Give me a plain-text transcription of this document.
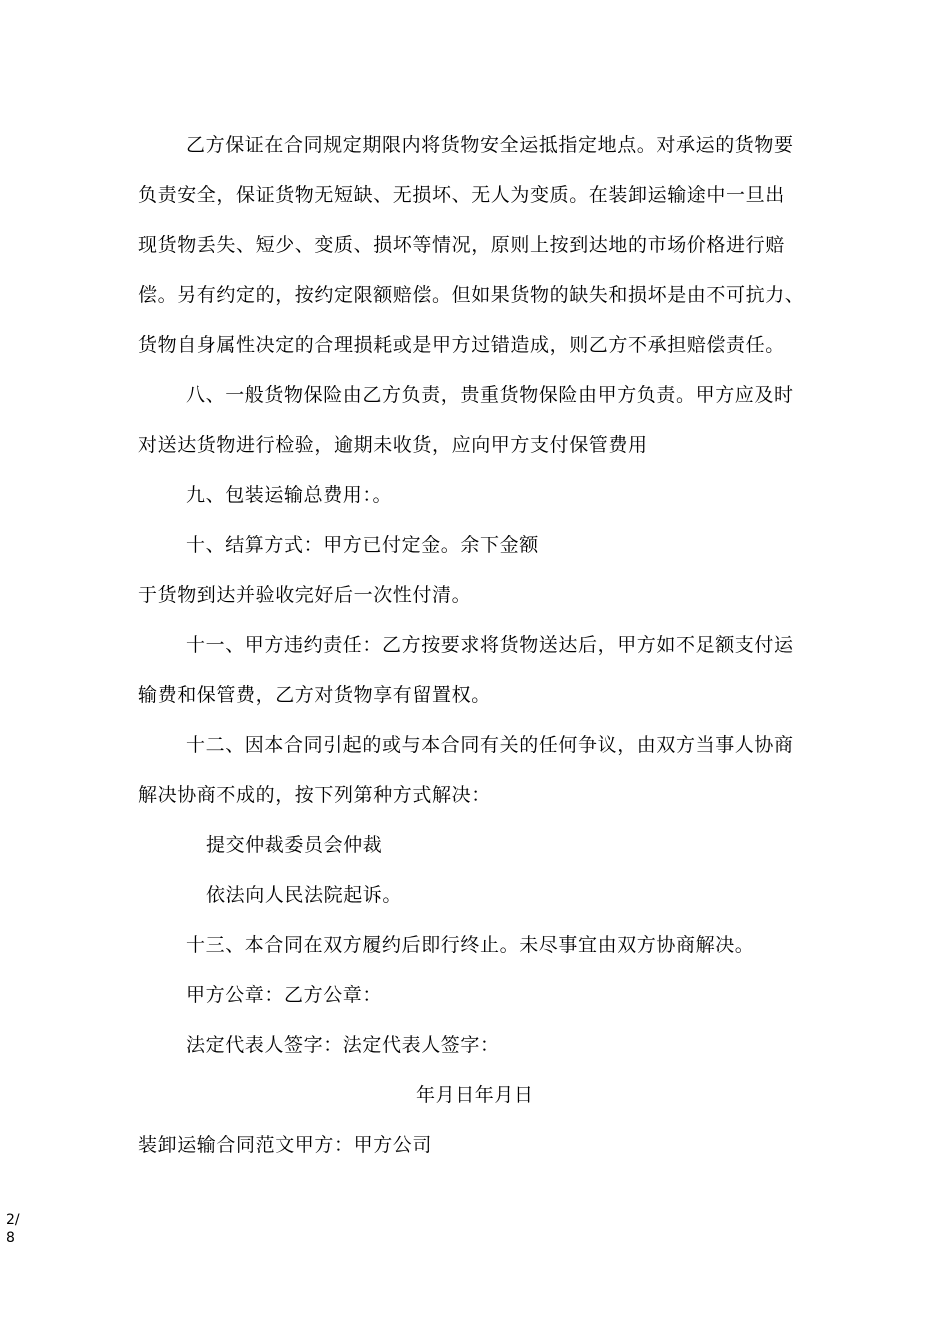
乙方保证在合同规定期限内将货物安全运抵指定地点。对承运的货物要
负责安全，保证货物无短缺、无损坏、无人为变质。在装卸运输途中一旦出
现货物丢失、短少、变质、损坏等情况，原则上按到达地的市场价格进行赔
偿。另有约定的，按约定限额赔偿。但如果货物的缺失和损坏是由不可抗力、
货物自身属性决定的合理损耗或是甲方过错造成，则乙方不承担赔偿责任。
八、一般货物保险由乙方负责，贵重货物保险由甲方负责。甲方应及时
对送达货物进行检验，逾期未收货，应向甲方支付保管费用
九、包装运输总费用：。
十、结算方式：甲方已付定金。余下金额
于货物到达并验收完好后一次性付清。
十一、甲方违约责任：乙方按要求将货物送达后，甲方如不足额支付运
输费和保管费，乙方对货物享有留置权。
十二、因本合同引起的或与本合同有关的任何争议，由双方当事人协商
解决协商不成的，按下列第种方式解决：
提交仲裁委员会仲裁
依法向人民法院起诉。
十三、本合同在双方履约后即行终止。未尽事宜由双方协商解决。
甲方公章：乙方公章：
法定代表人签字：法定代表人签字：
年月日年月日
装卸运输合同范文甲方：甲方公司
2/
8
